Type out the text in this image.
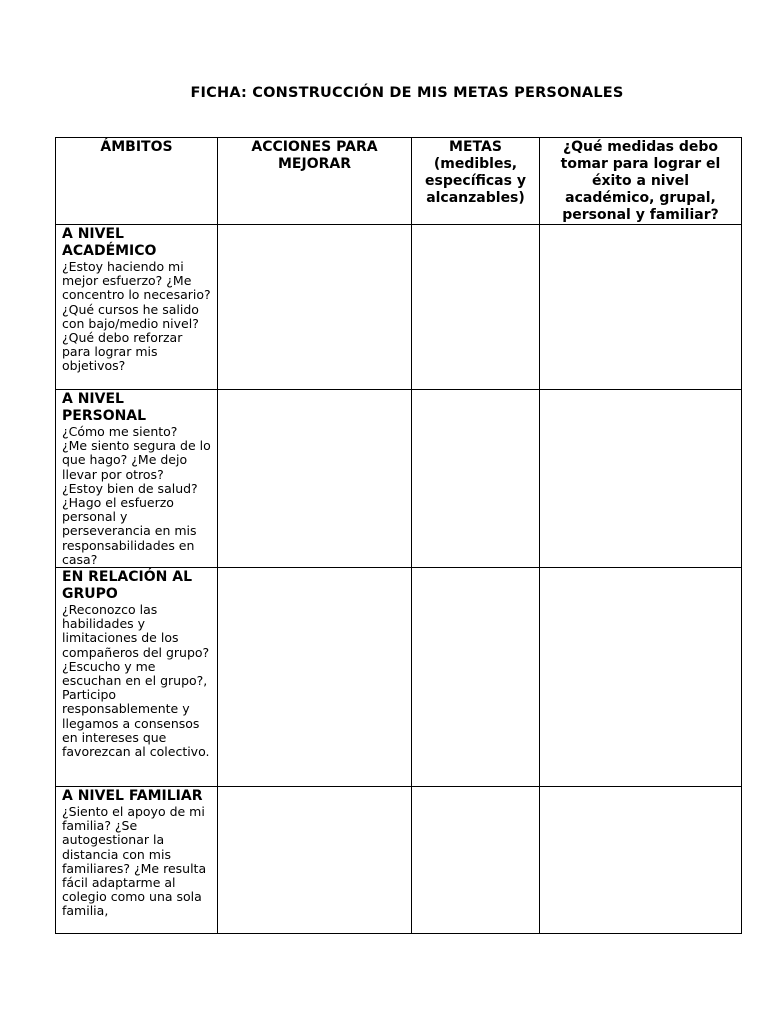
FICHA: CONSTRUCCIÓN DE MIS METAS PERSONALES
ÁMBITOS	ACCIONES PARA MEJORAR	METAS (medibles, específicas y alcanzables)	¿Qué medidas debo tomar para lograr el éxito a nivel académico, grupal, personal y familiar?

A NIVEL ACADÉMICO
¿Estoy haciendo mi mejor esfuerzo? ¿Me concentro lo necesario?
¿Qué cursos he salido con bajo/medio nivel?
¿Qué debo reforzar para lograr mis objetivos?			

A NIVEL PERSONAL
¿Cómo me siento?
¿Me siento segura de lo que hago? ¿Me dejo llevar por otros?
¿Estoy bien de salud?
¿Hago el esfuerzo personal y perseverancia en mis responsabilidades en casa?			

EN RELACIÓN AL GRUPO
¿Reconozco las habilidades y limitaciones de los compañeros del grupo?
¿Escucho y me escuchan en el grupo?, Participo responsablemente y llegamos a consensos en intereses que favorezcan al colectivo.			

A NIVEL FAMILIAR
¿Siento el apoyo de mi familia? ¿Se autogestionar la distancia con mis familiares? ¿Me resulta fácil adaptarme al colegio como una sola familia,			
